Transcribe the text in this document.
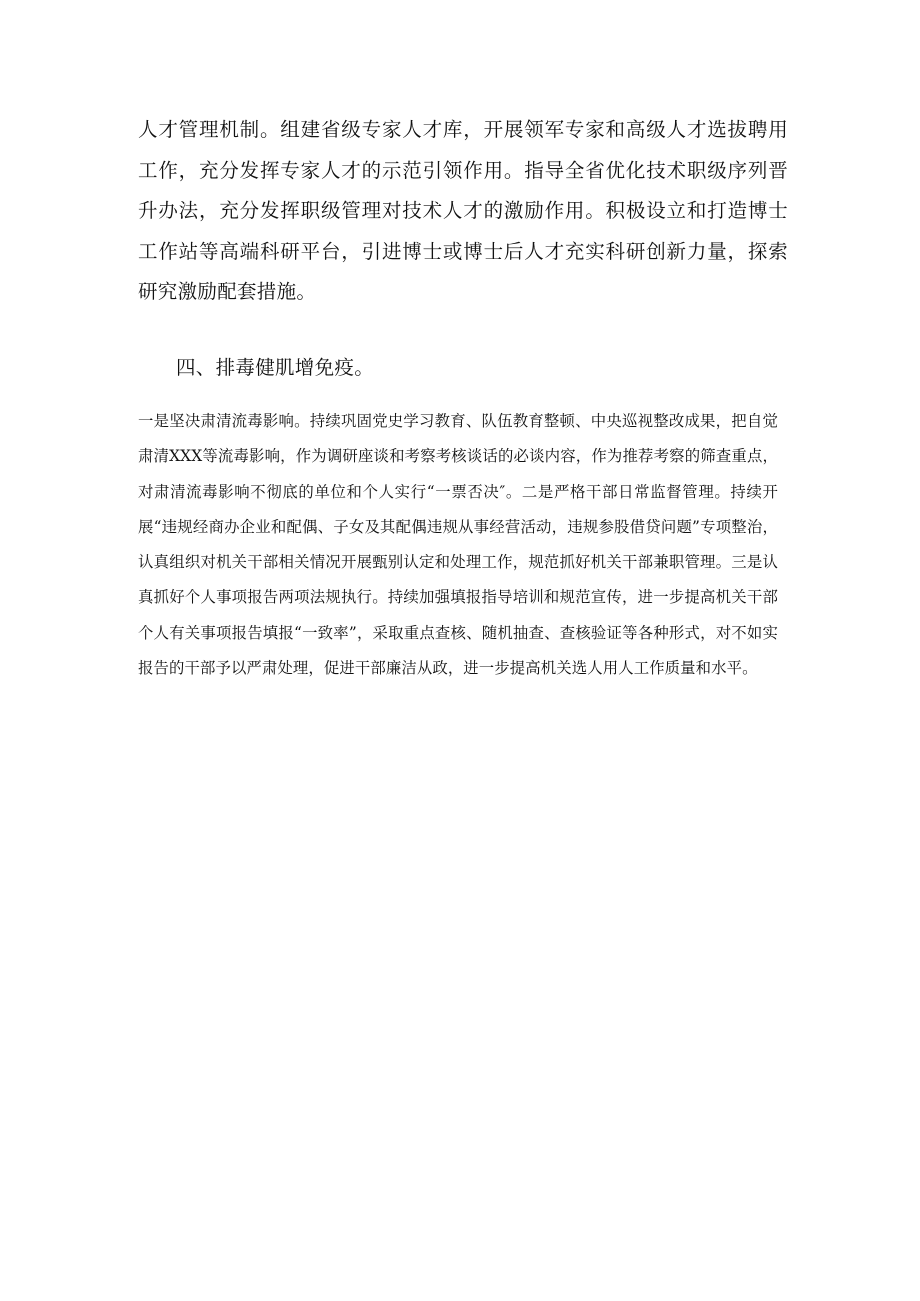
人才管理机制。组建省级专家人才库，开展领军专家和高级人才选拔聘用工作，充分发挥专家人才的示范引领作用。指导全省优化技术职级序列晋升办法，充分发挥职级管理对技术人才的激励作用。积极设立和打造博士工作站等高端科研平台，引进博士或博士后人才充实科研创新力量，探索研究激励配套措施。

四、排毒健肌增免疫。

一是坚决肃清流毒影响。持续巩固党史学习教育、队伍教育整顿、中央巡视整改成果，把自觉肃清XXX等流毒影响，作为调研座谈和考察考核谈话的必谈内容，作为推荐考察的筛查重点，对肃清流毒影响不彻底的单位和个人实行“一票否决″。二是严格干部日常监督管理。持续开展“违规经商办企业和配偶、子女及其配偶违规从事经营活动，违规参股借贷问题”专项整治，认真组织对机关干部相关情况开展甄别认定和处理工作，规范抓好机关干部兼职管理。三是认真抓好个人事项报告两项法规执行。持续加强填报指导培训和规范宣传，进一步提高机关干部个人有关事项报告填报“一致率”，采取重点查核、随机抽查、查核验证等各种形式，对不如实报告的干部予以严肃处理，促进干部廉洁从政，进一步提高机关选人用人工作质量和水平。
